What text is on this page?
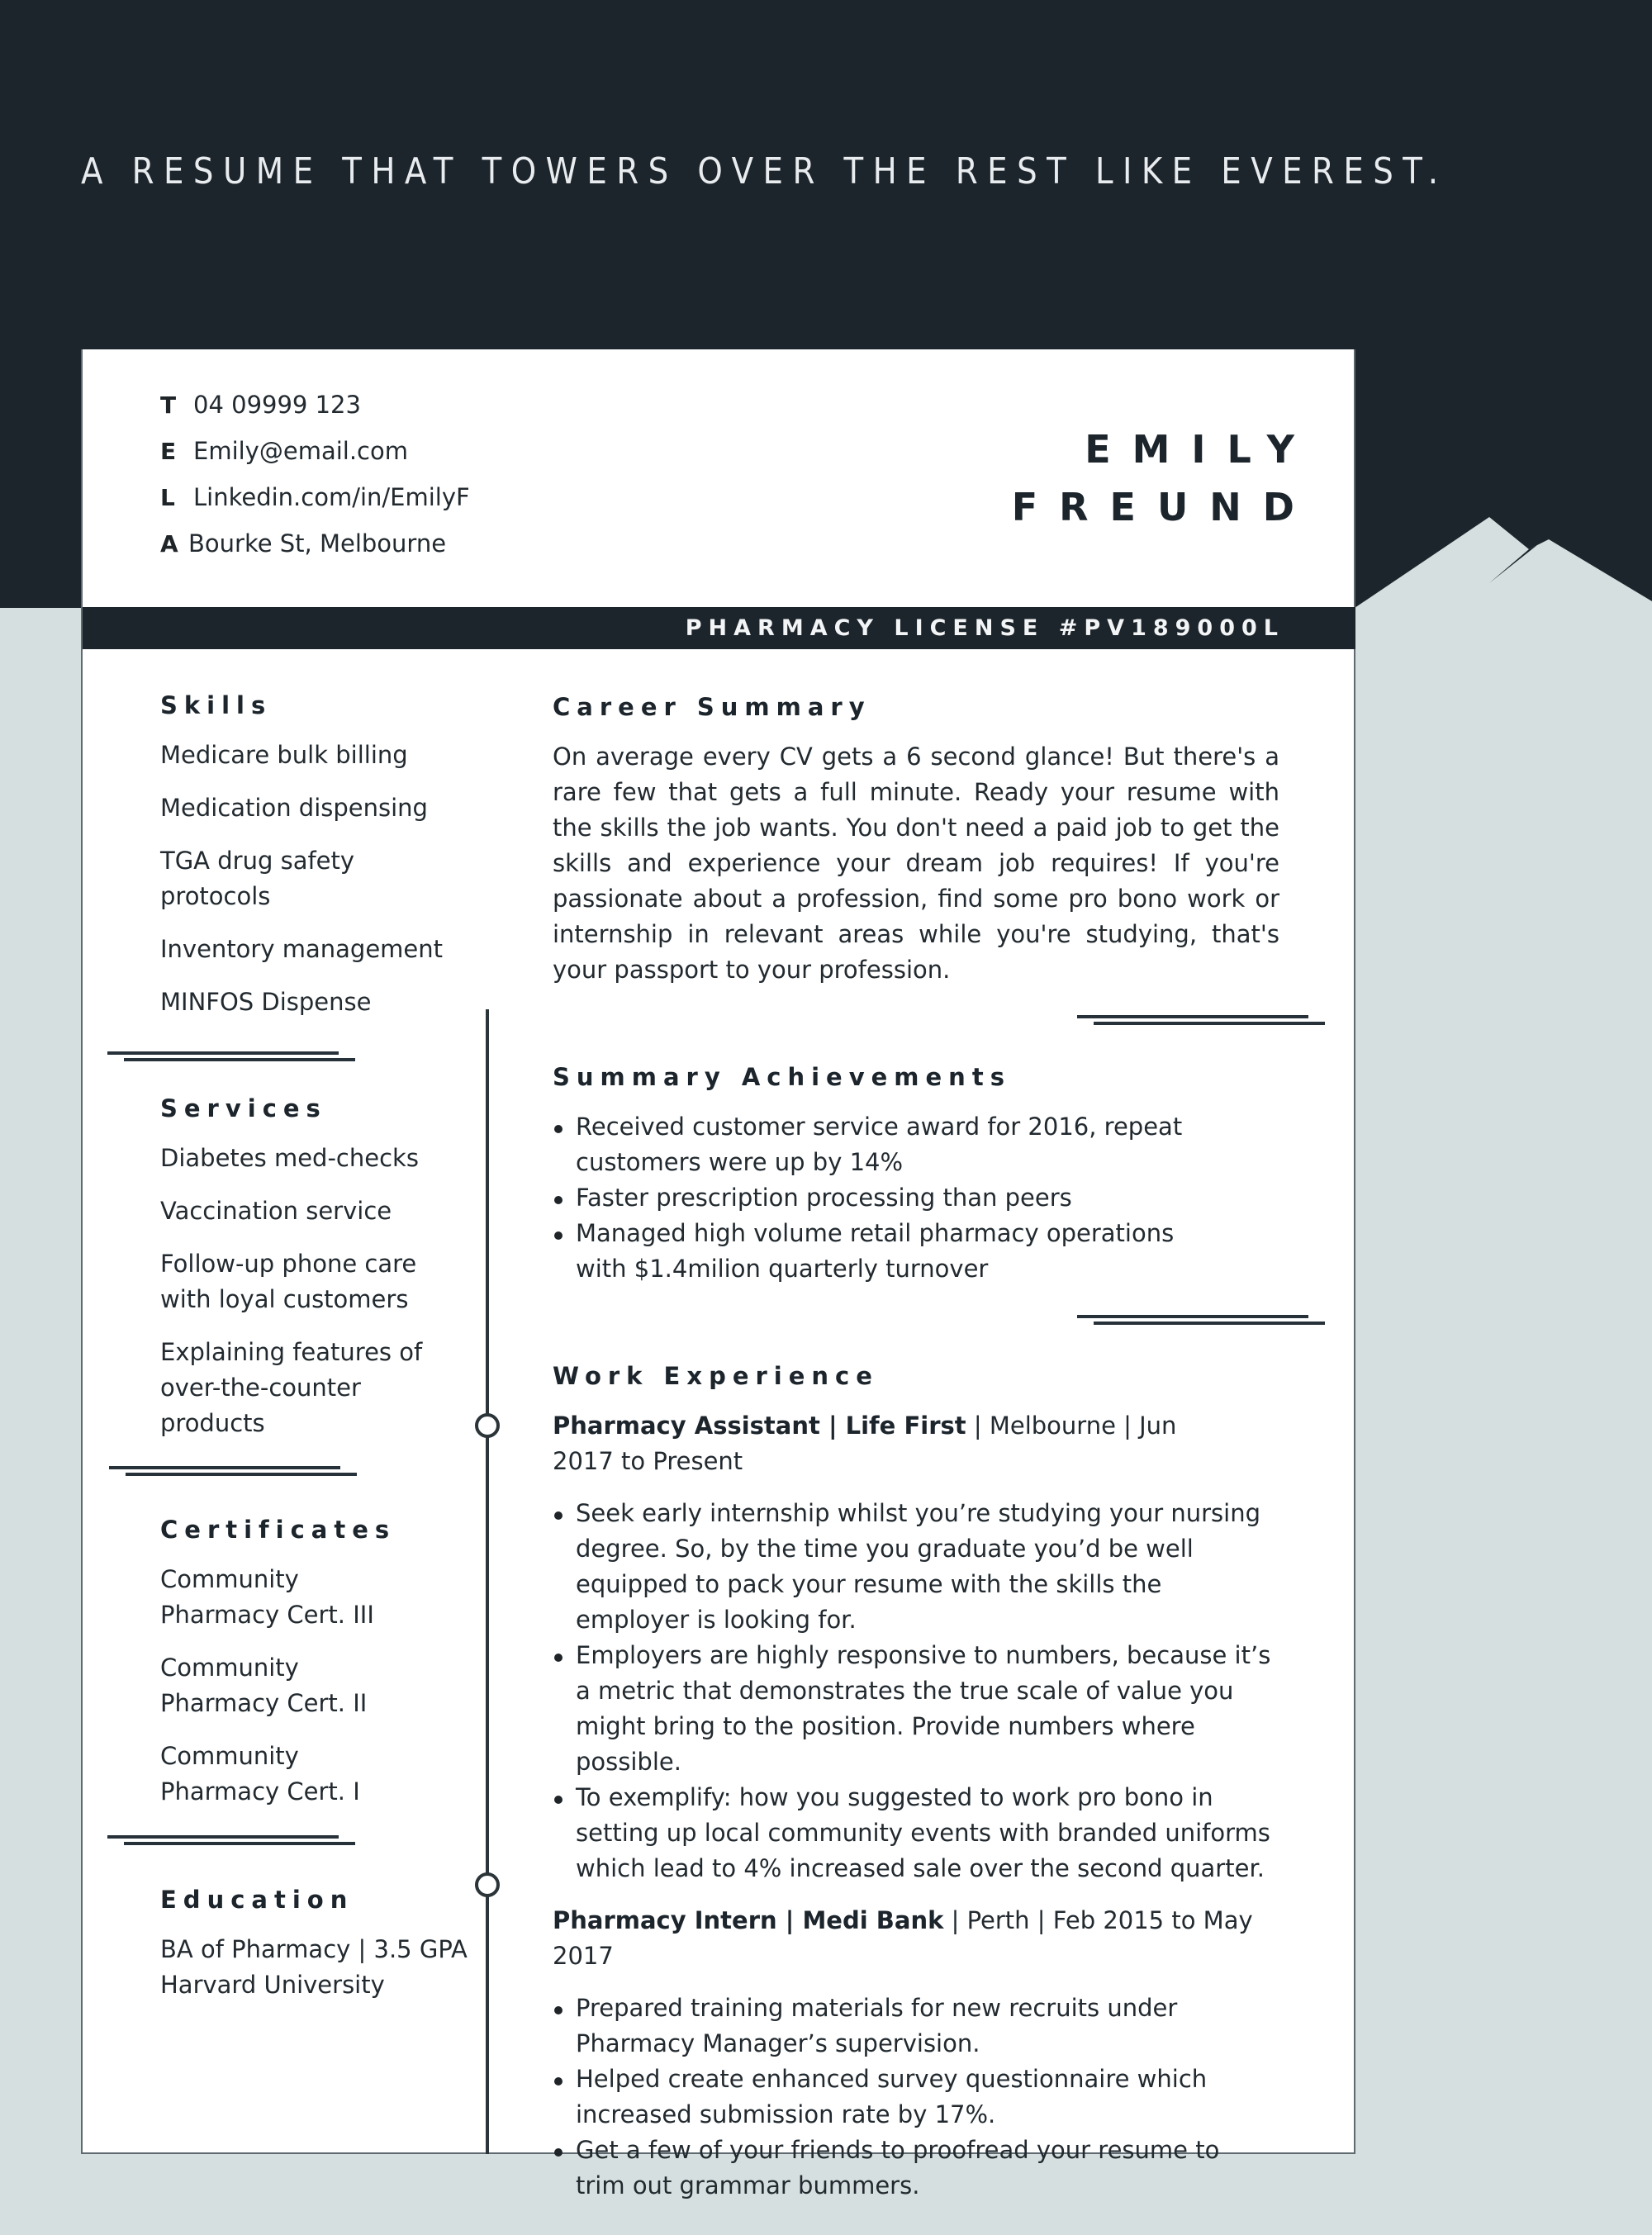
A RESUME THAT TOWERS OVER THE REST LIKE EVEREST.
T 04 09999 123
E Emily@email.com
L Linkedin.com/in/EmilyF
A Bourke St, Melbourne
EMILY
FREUND
PHARMACY LICENSE #PV189000L
Skills
Medicare bulk billing
Medication dispensing
TGA drug safety protocols
Inventory management
MINFOS Dispense
Services
Diabetes med-checks
Vaccination service
Follow-up phone care with loyal customers
Explaining features of over-the-counter products
Certificates
Community Pharmacy Cert. III
Community Pharmacy Cert. II
Community Pharmacy Cert. I
Education
BA of Pharmacy | 3.5 GPA
Harvard University
Career Summary
On average every CV gets a 6 second glance! But there's a rare few that gets a full minute. Ready your resume with the skills the job wants. You don't need a paid job to get the skills and experience your dream job requires! If you're passionate about a profession, find some pro bono work or internship in relevant areas while you're studying, that's your passport to your profession.
Summary Achievements
Received customer service award for 2016, repeat customers were up by 14%
Faster prescription processing than peers
Managed high volume retail pharmacy operations with $1.4milion quarterly turnover
Work Experience
Pharmacy Assistant | Life First | Melbourne | Jun 2017 to Present
Seek early internship whilst you’re studying your nursing degree. So, by the time you graduate you’d be well equipped to pack your resume with the skills the employer is looking for.
Employers are highly responsive to numbers, because it’s a metric that demonstrates the true scale of value you might bring to the position. Provide numbers where possible.
To exemplify: how you suggested to work pro bono in setting up local community events with branded uniforms which lead to 4% increased sale over the second quarter.
Pharmacy Intern | Medi Bank | Perth | Feb 2015 to May 2017
Prepared training materials for new recruits under Pharmacy Manager’s supervision.
Helped create enhanced survey questionnaire which increased submission rate by 17%.
Get a few of your friends to proofread your resume to trim out grammar bummers.
